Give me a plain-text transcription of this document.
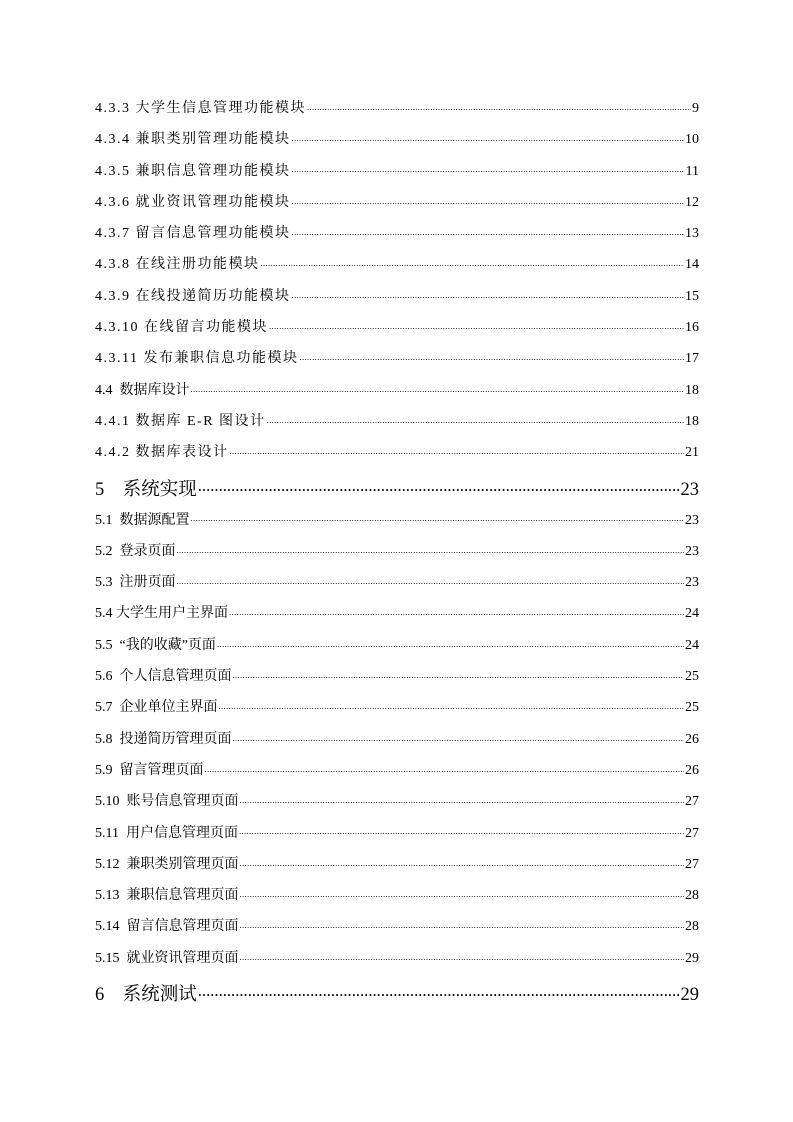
4.3.3 大学生信息管理功能模块 .....	9
4.3.4 兼职类别管理功能模块 .....	10
4.3.5 兼职信息管理功能模块 .....	11
4.3.6 就业资讯管理功能模块 .....	12
4.3.7 留言信息管理功能模块 .....	13
4.3.8 在线注册功能模块 .....	14
4.3.9 在线投递简历功能模块 .....	15
4.3.10 在线留言功能模块 .....	16
4.3.11 发布兼职信息功能模块 .....	17
4.4  数据库设计 .....	18
4.4.1 数据库 E-R 图设计 .....	18
4.4.2 数据库表设计 .....	21
5    系统实现 .....	23
5.1  数据源配置 .....	23
5.2  登录页面 .....	23
5.3  注册页面 .....	23
5.4 大学生用户主界面 .....	24
5.5  “我的收藏”页面 .....	24
5.6  个人信息管理页面 .....	25
5.7  企业单位主界面 .....	25
5.8  投递简历管理页面 .....	26
5.9  留言管理页面 .....	26
5.10  账号信息管理页面 .....	27
5.11  用户信息管理页面 .....	27
5.12  兼职类别管理页面 .....	27
5.13  兼职信息管理页面 .....	28
5.14  留言信息管理页面 .....	28
5.15  就业资讯管理页面 .....	29
6    系统测试 .....	29
